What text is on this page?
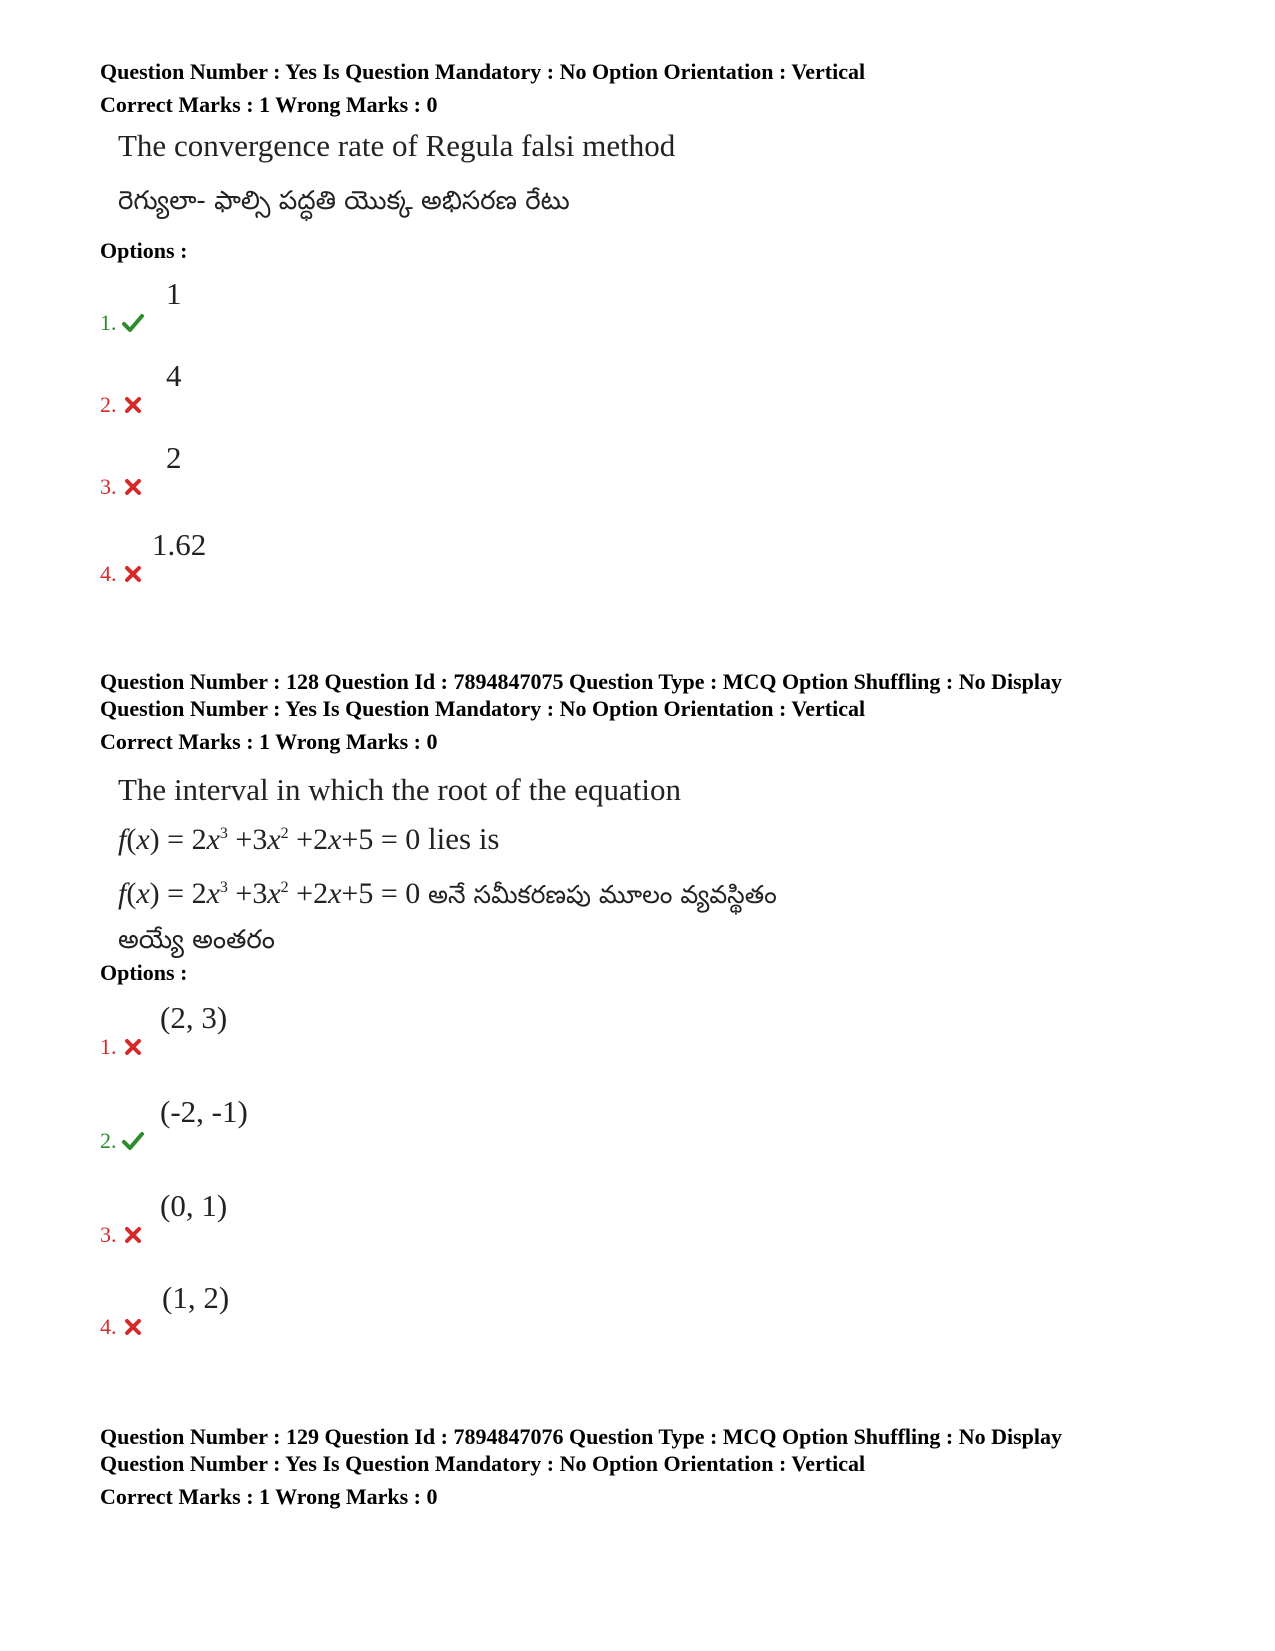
Question Number : Yes Is Question Mandatory : No Option Orientation : Vertical
Correct Marks : 1 Wrong Marks : 0
The convergence rate of Regula falsi method
రెగ్యులా- ఫాల్సి పద్ధతి యొక్క అభిసరణ రేటు
Options :
1.
1
2.
4
3.
2
4.
1.62
Question Number : 128 Question Id : 7894847075 Question Type : MCQ Option Shuffling : No Display
Question Number : Yes Is Question Mandatory : No Option Orientation : Vertical
Correct Marks : 1 Wrong Marks : 0
The interval in which the root of the equation
$f(x) = 2x^3 +3x^2 +2x+5 = 0$ lies is
$f(x) = 2x^3 +3x^2 +2x+5 = 0$ అనే సమీకరణపు మూలం వ్యవస్థితం
అయ్యే అంతరం
Options :
1.
(2, 3)
2.
(-2, -1)
3.
(0, 1)
4.
(1, 2)
Question Number : 129 Question Id : 7894847076 Question Type : MCQ Option Shuffling : No Display
Question Number : Yes Is Question Mandatory : No Option Orientation : Vertical
Correct Marks : 1 Wrong Marks : 0
